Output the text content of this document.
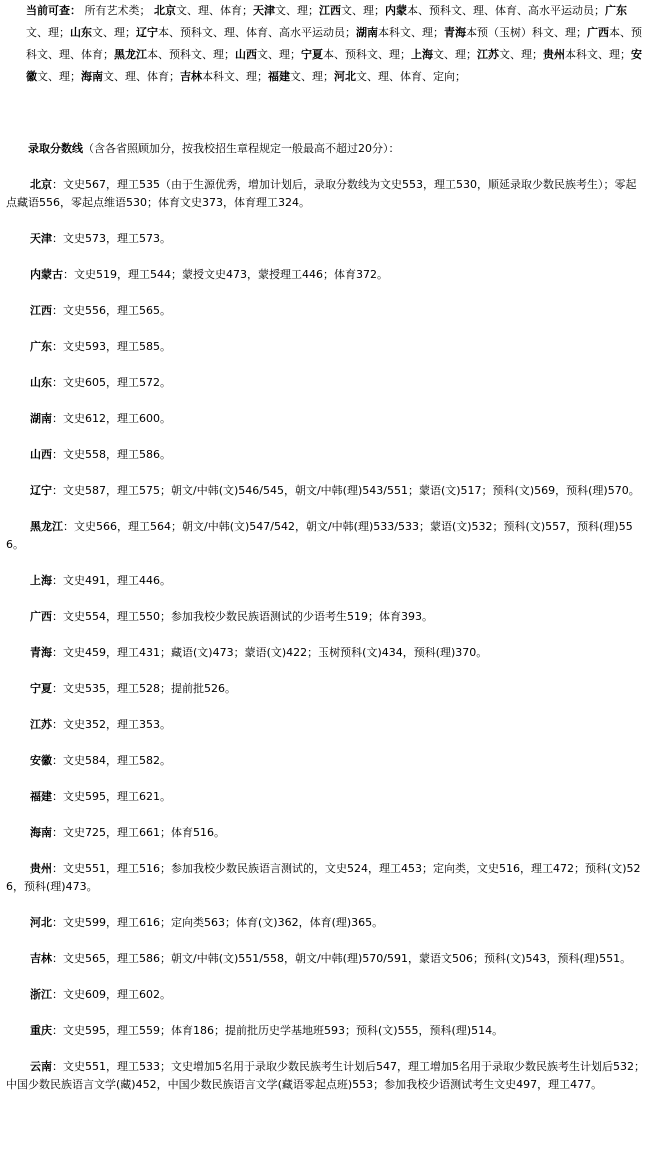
当前可查： 所有艺术类； 北京文、理、体育；天津文、理；江西文、理；内蒙本、预科文、理、体育、高水平运动员；广东文、理；山东文、理；辽宁本、预科文、理、体育、高水平运动员；湖南本科文、理；青海本预（玉树）科文、理；广西本、预科文、理、体育；黑龙江本、预科文、理；山西文、理；宁夏本、预科文、理；上海文、理；江苏文、理；贵州本科文、理；安徽文、理；海南文、理、体育；吉林本科文、理；福建文、理；河北文、理、体育、定向；

录取分数线（含各省照顾加分，按我校招生章程规定一般最高不超过20分）：

北京：文史567，理工535（由于生源优秀，增加计划后，录取分数线为文史553，理工530，顺延录取少数民族考生）；零起点藏语556，零起点维语530；体育文史373，体育理工324。

天津：文史573，理工573。

内蒙古：文史519，理工544；蒙授文史473，蒙授理工446；体育372。

江西：文史556，理工565。

广东：文史593，理工585。

山东：文史605，理工572。

湖南：文史612，理工600。

山西：文史558，理工586。

辽宁：文史587，理工575；朝文/中韩(文)546/545，朝文/中韩(理)543/551；蒙语(文)517；预科(文)569，预科(理)570。

黑龙江：文史566，理工564；朝文/中韩(文)547/542，朝文/中韩(理)533/533；蒙语(文)532；预科(文)557，预科(理)556。

上海：文史491，理工446。

广西：文史554，理工550；参加我校少数民族语测试的少语考生519；体育393。

青海：文史459，理工431；藏语(文)473；蒙语(文)422；玉树预科(文)434，预科(理)370。

宁夏：文史535，理工528；提前批526。

江苏：文史352，理工353。

安徽：文史584，理工582。

福建：文史595，理工621。

海南：文史725，理工661；体育516。

贵州：文史551，理工516；参加我校少数民族语言测试的，文史524，理工453；定向类，文史516，理工472；预科(文)526，预科(理)473。

河北：文史599，理工616；定向类563；体育(文)362，体育(理)365。

吉林：文史565，理工586；朝文/中韩(文)551/558，朝文/中韩(理)570/591，蒙语文506；预科(文)543，预科(理)551。

浙江：文史609，理工602。

重庆：文史595，理工559；体育186；提前批历史学基地班593；预科(文)555，预科(理)514。

云南：文史551，理工533；文史增加5名用于录取少数民族考生计划后547，理工增加5名用于录取少数民族考生计划后532；中国少数民族语言文学(藏)452，中国少数民族语言文学(藏语零起点班)553；参加我校少语测试考生文史497，理工477。
